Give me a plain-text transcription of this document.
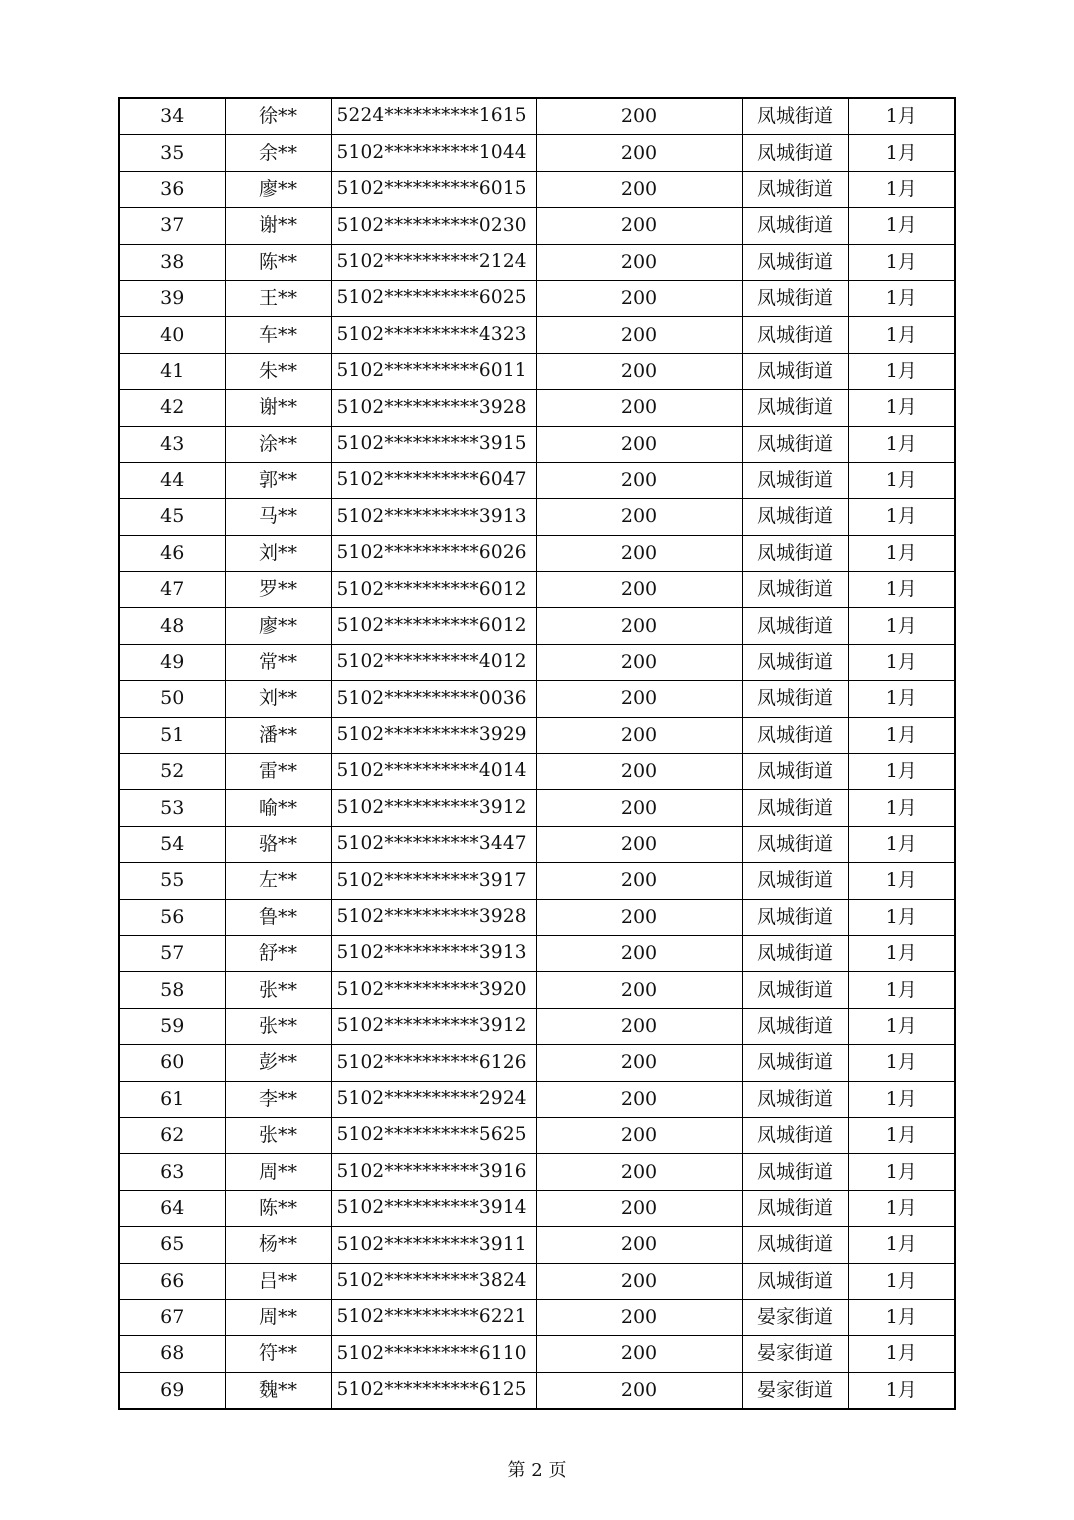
34	徐**	5224**********1615	200	凤城街道	1月
35	余**	5102**********1044	200	凤城街道	1月
36	廖**	5102**********6015	200	凤城街道	1月
37	谢**	5102**********0230	200	凤城街道	1月
38	陈**	5102**********2124	200	凤城街道	1月
39	王**	5102**********6025	200	凤城街道	1月
40	车**	5102**********4323	200	凤城街道	1月
41	朱**	5102**********6011	200	凤城街道	1月
42	谢**	5102**********3928	200	凤城街道	1月
43	涂**	5102**********3915	200	凤城街道	1月
44	郭**	5102**********6047	200	凤城街道	1月
45	马**	5102**********3913	200	凤城街道	1月
46	刘**	5102**********6026	200	凤城街道	1月
47	罗**	5102**********6012	200	凤城街道	1月
48	廖**	5102**********6012	200	凤城街道	1月
49	常**	5102**********4012	200	凤城街道	1月
50	刘**	5102**********0036	200	凤城街道	1月
51	潘**	5102**********3929	200	凤城街道	1月
52	雷**	5102**********4014	200	凤城街道	1月
53	喻**	5102**********3912	200	凤城街道	1月
54	骆**	5102**********3447	200	凤城街道	1月
55	左**	5102**********3917	200	凤城街道	1月
56	鲁**	5102**********3928	200	凤城街道	1月
57	舒**	5102**********3913	200	凤城街道	1月
58	张**	5102**********3920	200	凤城街道	1月
59	张**	5102**********3912	200	凤城街道	1月
60	彭**	5102**********6126	200	凤城街道	1月
61	李**	5102**********2924	200	凤城街道	1月
62	张**	5102**********5625	200	凤城街道	1月
63	周**	5102**********3916	200	凤城街道	1月
64	陈**	5102**********3914	200	凤城街道	1月
65	杨**	5102**********3911	200	凤城街道	1月
66	吕**	5102**********3824	200	凤城街道	1月
67	周**	5102**********6221	200	晏家街道	1月
68	符**	5102**********6110	200	晏家街道	1月
69	魏**	5102**********6125	200	晏家街道	1月
第 2 页
